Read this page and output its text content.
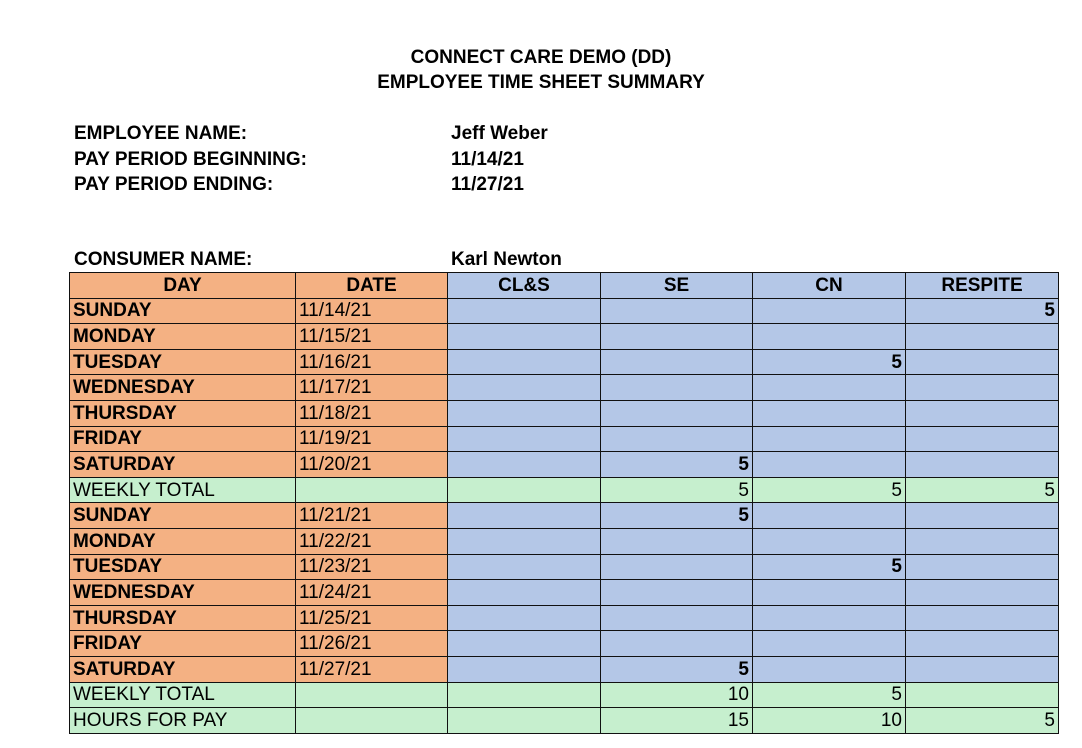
CONNECT CARE DEMO (DD)
EMPLOYEE TIME SHEET SUMMARY
EMPLOYEE NAME:	Jeff Weber
PAY PERIOD BEGINNING:	11/14/21
PAY PERIOD ENDING:	11/27/21
CONSUMER NAME:	Karl Newton
DAY	DATE	CL&S	SE	CN	RESPITE
SUNDAY	11/14/21				5
MONDAY	11/15/21				
TUESDAY	11/16/21			5	
WEDNESDAY	11/17/21				
THURSDAY	11/18/21				
FRIDAY	11/19/21				
SATURDAY	11/20/21		5		
WEEKLY TOTAL			5	5	5
SUNDAY	11/21/21		5		
MONDAY	11/22/21				
TUESDAY	11/23/21			5	
WEDNESDAY	11/24/21				
THURSDAY	11/25/21				
FRIDAY	11/26/21				
SATURDAY	11/27/21		5		
WEEKLY TOTAL			10	5	
HOURS FOR PAY			15	10	5
